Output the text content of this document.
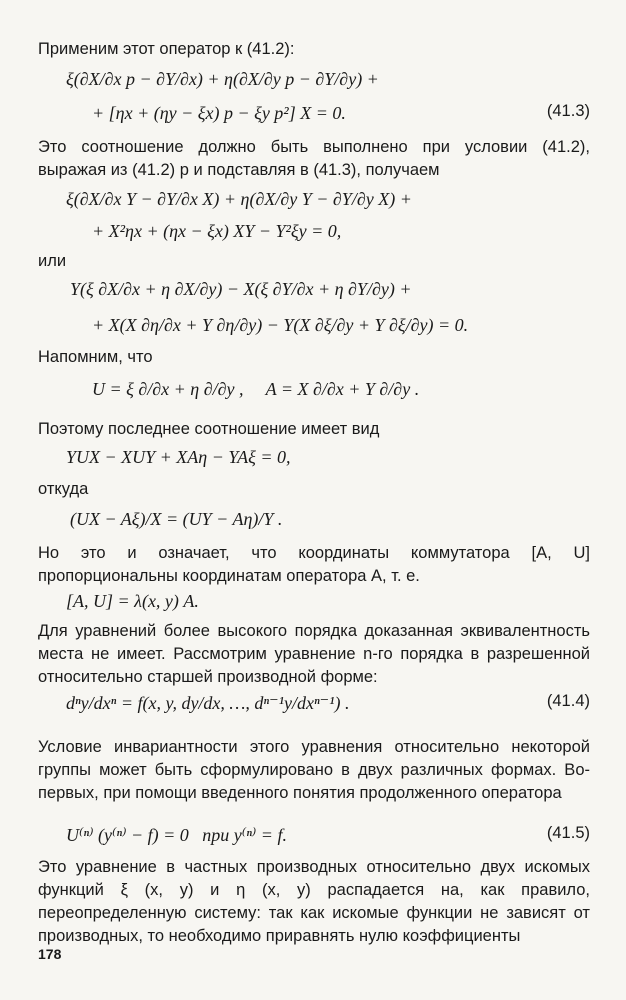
Применим этот оператор к (41.2):
ξ(∂X/∂x p − ∂Y/∂x) + η(∂X/∂y p − ∂Y/∂y) +
+ [ηx + (ηy − ξx) p − ξy p²] X = 0.	(41.3)
Это соотношение должно быть выполнено при условии (41.2), выражая из (41.2) p и подставляя в (41.3), получаем
ξ(∂X/∂x Y − ∂Y/∂x X) + η(∂X/∂y Y − ∂Y/∂y X) +
+ X²ηx + (ηx − ξx) XY − Y²ξy = 0,
или
Y(ξ ∂X/∂x + η ∂X/∂y) − X(ξ ∂Y/∂x + η ∂Y/∂y) +
+ X(X ∂η/∂x + Y ∂η/∂y) − Y(X ∂ξ/∂y + Y ∂ξ/∂y) = 0.
Напомним, что
U = ξ ∂/∂x + η ∂/∂y ,     A = X ∂/∂x + Y ∂/∂y .
Поэтому последнее соотношение имеет вид
YUX − XUY + XAη − YAξ = 0,
откуда
(UX − Aξ)/X = (UY − Aη)/Y .
Но это и означает, что координаты коммутатора [A, U] пропорциональны координатам оператора A, т. е.
[A, U] = λ(x, y) A.
Для уравнений более высокого порядка доказанная эквивалентность места не имеет. Рассмотрим уравнение n-го порядка в разрешенной относительно старшей производной форме:
dⁿy/dxⁿ = f(x, y, dy/dx, …, dⁿ⁻¹y/dxⁿ⁻¹) .	(41.4)
Условие инвариантности этого уравнения относительно некоторой группы может быть сформулировано в двух различных формах. Во-первых, при помощи введенного понятия продолженного оператора
U⁽ⁿ⁾ (y⁽ⁿ⁾ − f) = 0   при y⁽ⁿ⁾ = f.	(41.5)
Это уравнение в частных производных относительно двух искомых функций ξ (x, y) и η (x, y) распадается на, как правило, переопределенную систему: так как искомые функции не зависят от производных, то необходимо приравнять нулю коэффициенты
178
